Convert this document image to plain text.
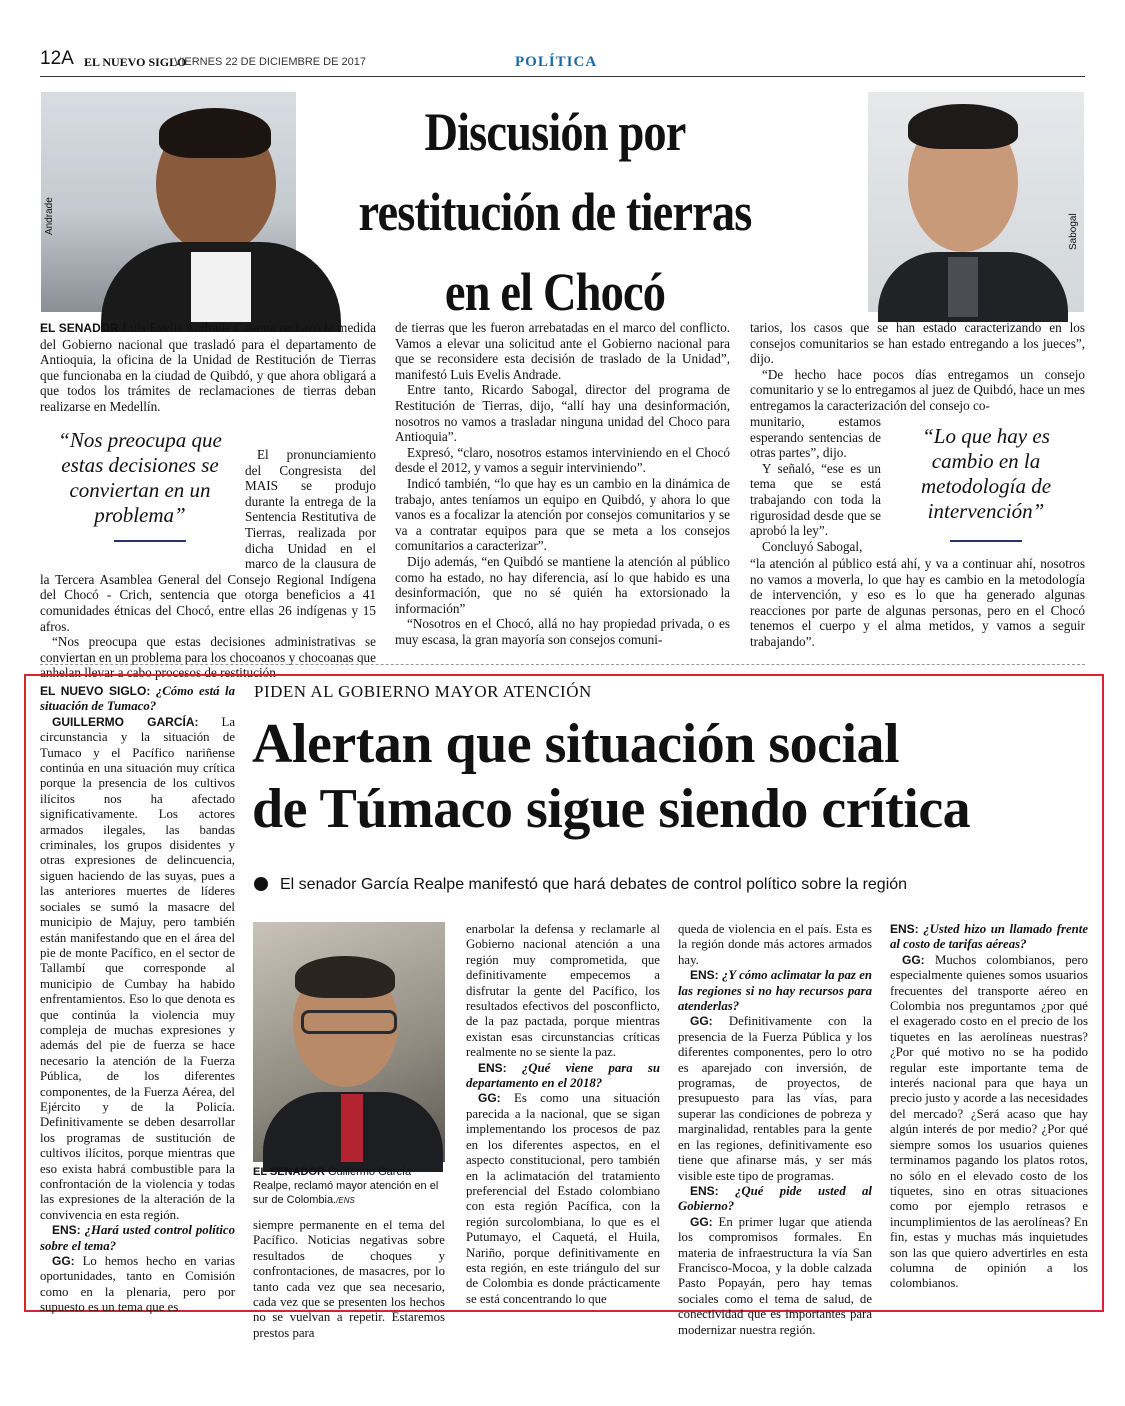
12A EL NUEVO SIGLO
VIERNES 22 DE DICIEMBRE DE 2017	POLÍTICA
Andrade	Sabogal
Discusión por restitución de tierras en el Chocó

EL SENADOR Luis Evelis Andrade Casamá rechazó la medida del Gobierno nacional que trasladó para el departamento de Antioquia, la oficina de la Unidad de Restitución de Tierras que funcionaba en la ciudad de Quibdó, y que ahora obligará a que todos los trámites de reclamaciones de tierras deban realizarse en Medellín.

El pronunciamiento del Congresista del MAIS se produjo durante la entrega de la Sentencia Restitutiva de Tierras, realizada por dicha Unidad en el marco de la clausura de la Tercera Asamblea General del Consejo Regional Indígena del Chocó - Crich, sentencia que otorga beneficios a 41 comunidades étnicas del Chocó, entre ellas 26 indígenas y 15 afros.

“Nos preocupa que estas decisiones administrativas se conviertan en un problema para los chocoanos y chocoanas que anhelan llevar a cabo procesos de restitución

“Nos preocupa que estas decisiones se conviertan en un problema”

de tierras que les fueron arrebatadas en el marco del conflicto. Vamos a elevar una solicitud ante el Gobierno nacional para que se reconsidere esta decisión de traslado de la Unidad”, manifestó Luis Evelis Andrade.

Entre tanto, Ricardo Sabogal, director del programa de Restitución de Tierras, dijo, “allí hay una desinformación, nosotros no vamos a trasladar ninguna unidad del Choco para Antioquia”.

Expresó, “claro, nosotros estamos interviniendo en el Chocó desde el 2012, y vamos a seguir interviniendo”.

Indicó también, “lo que hay es un cambio en la dinámica de trabajo, antes teníamos un equipo en Quibdó, y ahora lo que vanos es a focalizar la atención por consejos comunitarios y se va a contratar equipos para que se meta a los consejos comunitarios a caracterizar”.

Dijo además, “en Quibdó se mantiene la atención al público como ha estado, no hay diferencia, así lo que habido es una desinformación, que no sé quién ha extorsionado la información”

“Nosotros en el Chocó, allá no hay propiedad privada, o es muy escasa, la gran mayoría son consejos comuni-

tarios, los casos que se han estado caracterizando en los consejos comunitarios se han estado entregando a los jueces”, dijo.

“De hecho hace pocos días entregamos un consejo comunitario y se lo entregamos al juez de Quibdó, hace un mes entregamos la caracterización del consejo co-

munitario, estamos esperando sentencias de otras partes”, dijo.

Y señaló, “ese es un tema que se está trabajando con toda la rigurosidad desde que se aprobó la ley”.

Concluyó Sabogal,

“la atención al público está ahí, y va a continuar ahí, nosotros no vamos a moverla, lo que hay es cambio en la metodología de intervención, y eso es lo que ha generado algunas reacciones por parte de algunas personas, pero en el Chocó tenemos el cuerpo y el alma metidos, y vamos a seguir trabajando”.

“Lo que hay es cambio en la metodología de intervención”
PIDEN AL GOBIERNO MAYOR ATENCIÓN
Alertan que situación social
de Túmaco sigue siendo crítica
El senador García Realpe manifestó que hará debates de control político sobre la región

EL NUEVO SIGLO: ¿Cómo está la situación de Tumaco?

GUILLERMO GARCÍA: La circunstancia y la situación de Tumaco y el Pacífico nariñense continúa en una situación muy crítica porque la presencia de los cultivos ilícitos nos ha afectado significativamente. Los actores armados ilegales, las bandas criminales, los grupos disidentes y otras expresiones de delincuencia, siguen haciendo de las suyas, pues a las anteriores muertes de líderes sociales se sumó la masacre del municipio de Majuy, pero también están manifestando que en el área del pie de monte Pacífico, en el sector de Tallambí que corresponde al municipio de Cumbay ha habido enfrentamientos. Eso lo que denota es que continúa la violencia muy compleja de muchas expresiones y además del pie de fuerza se hace necesario la atención de la Fuerza Pública, de los diferentes componentes, de la Fuerza Aérea, del Ejército y de la Policía. Definitivamente se deben desarrollar los programas de sustitución de cultivos ilícitos, porque mientras que eso exista habrá combustible para la confrontación de la violencia y todas las expresiones de la alteración de la convivencia en esta región.

ENS: ¿Hará usted control político sobre el tema?

GG: Lo hemos hecho en varias oportunidades, tanto en Comisión como en la plenaria, pero por supuesto es un tema que es

EL SENADOR Guillermo García Realpe, reclamó mayor atención en el sur de Colombia./ENS

siempre permanente en el tema del Pacífico. Noticias negativas sobre resultados de choques y confrontaciones, de masacres, por lo tanto cada vez que sea necesario, cada vez que se presenten los hechos no se vuelvan a repetir. Estaremos prestos para

enarbolar la defensa y reclamarle al Gobierno nacional atención a una región muy comprometida, que definitivamente empecemos a disfrutar la gente del Pacífico, los resultados efectivos del posconflicto, de la paz pactada, porque mientras existan esas circunstancias críticas realmente no se siente la paz.

ENS: ¿Qué viene para su departamento en el 2018?

GG: Es como una situación parecida a la nacional, que se sigan implementando los procesos de paz en los diferentes aspectos, en el aspecto constitucional, pero también en la aclimatación del tratamiento preferencial del Estado colombiano con esta región Pacífica, con la región surcolombiana, lo que es el Putumayo, el Caquetá, el Huila, Nariño, porque definitivamente en esta región, en este triángulo del sur de Colombia es donde prácticamente se está concentrando lo que

queda de violencia en el país. Esta es la región donde más actores armados hay.

ENS: ¿Y cómo aclimatar la paz en las regiones si no hay recursos para atenderlas?

GG: Definitivamente con la presencia de la Fuerza Pública y los diferentes componentes, pero lo otro es aparejado con inversión, de programas, de proyectos, de presupuesto para las vías, para superar las condiciones de pobreza y marginalidad, rentables para la gente en las regiones, definitivamente eso tiene que afinarse más, y ser más visible este tipo de programas.

ENS: ¿Qué pide usted al Gobierno?

GG: En primer lugar que atienda los compromisos formales. En materia de infraestructura la vía San Francisco-Mocoa, y la doble calzada Pasto Popayán, pero hay temas sociales como el tema de salud, de conectividad que es importantes para modernizar nuestra región.

ENS: ¿Usted hizo un llamado frente al costo de tarifas aéreas?

GG: Muchos colombianos, pero especialmente quienes somos usuarios frecuentes del transporte aéreo en Colombia nos preguntamos ¿por qué el exagerado costo en el precio de los tiquetes en las aerolíneas nuestras? ¿Por qué motivo no se ha podido regular este importante tema de interés nacional para que haya un precio justo y acorde a las necesidades del mercado? ¿Será acaso que hay algún interés de por medio? ¿Por qué siempre somos los usuarios quienes terminamos pagando los platos rotos, no sólo en el elevado costo de los tiquetes, sino en otras situaciones como por ejemplo retrasos e incumplimientos de las aerolíneas? En fin, estas y muchas más inquietudes son las que quiero advertirles en esta columna de opinión a los colombianos.
